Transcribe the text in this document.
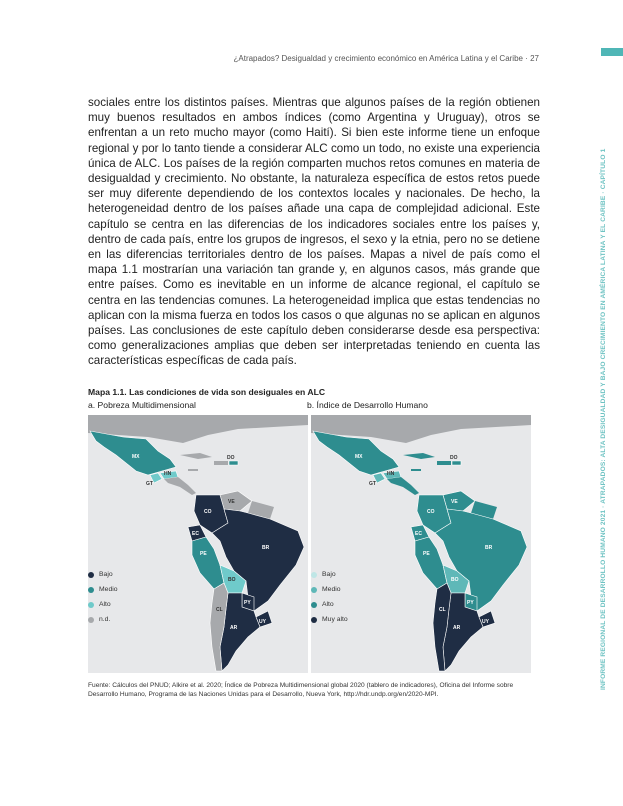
¿Atrapados? Desigualdad y crecimiento económico en América Latina y el Caribe · 27
INFORME REGIONAL DE DESARROLLO HUMANO 2021 · ATRAPADOS: ALTA DESIGUALDAD Y BAJO CRECIMIENTO EN AMÉRICA LATINA Y EL CARIBE · CAPÍTULO 1
sociales entre los distintos países. Mientras que algunos países de la región obtienen muy buenos resultados en ambos índices (como Argentina y Uruguay), otros se enfrentan a un reto mucho mayor (como Haití). Si bien este informe tiene un enfoque regional y por lo tanto tiende a considerar ALC como un todo, no existe una experiencia única de ALC. Los países de la región comparten muchos retos comunes en materia de desigualdad y crecimiento. No obstante, la naturaleza específica de estos retos puede ser muy diferente dependiendo de los contextos locales y nacionales. De hecho, la heterogeneidad dentro de los países añade una capa de complejidad adicional. Este capítulo se centra en las diferencias de los indicadores sociales entre los países y, dentro de cada país, entre los grupos de ingresos, el sexo y la etnia, pero no se detiene en las diferencias territoriales dentro de los países. Mapas a nivel de país como el mapa 1.1 mostrarían una variación tan grande y, en algunos casos, más grande que entre países. Como es inevitable en un informe de alcance regional, el capítulo se centra en las tendencias comunes. La heterogeneidad implica que estas tendencias no aplican con la misma fuerza en todos los casos o que algunas no se aplican en algunos países. Las conclusiones de este capítulo deben considerarse desde esa perspectiva: como generalizaciones amplias que deben ser interpretadas teniendo en cuenta las características específicas de cada país.
Mapa 1.1. Las condiciones de vida son desiguales en ALC
a. Pobreza Multidimensional	b. Índice de Desarrollo Humano
MX	DO
GT
HN
VE
CO
EC
PE
BR
BO
PY
CL
AR
UY
MX	DO
GT
HN
VE
CO
EC
PE
BR
BO
PY
CL
AR
UY
Bajo
Medio
Alto
n.d.
Bajo
Medio
Alto
Muy alto
Fuente: Cálculos del PNUD; Alkire et al. 2020; Índice de Pobreza Multidimensional global 2020 (tablero de indicadores), Oficina del Informe sobre Desarrollo Humano, Programa de las Naciones Unidas para el Desarrollo, Nueva York, http://hdr.undp.org/en/2020-MPI.
